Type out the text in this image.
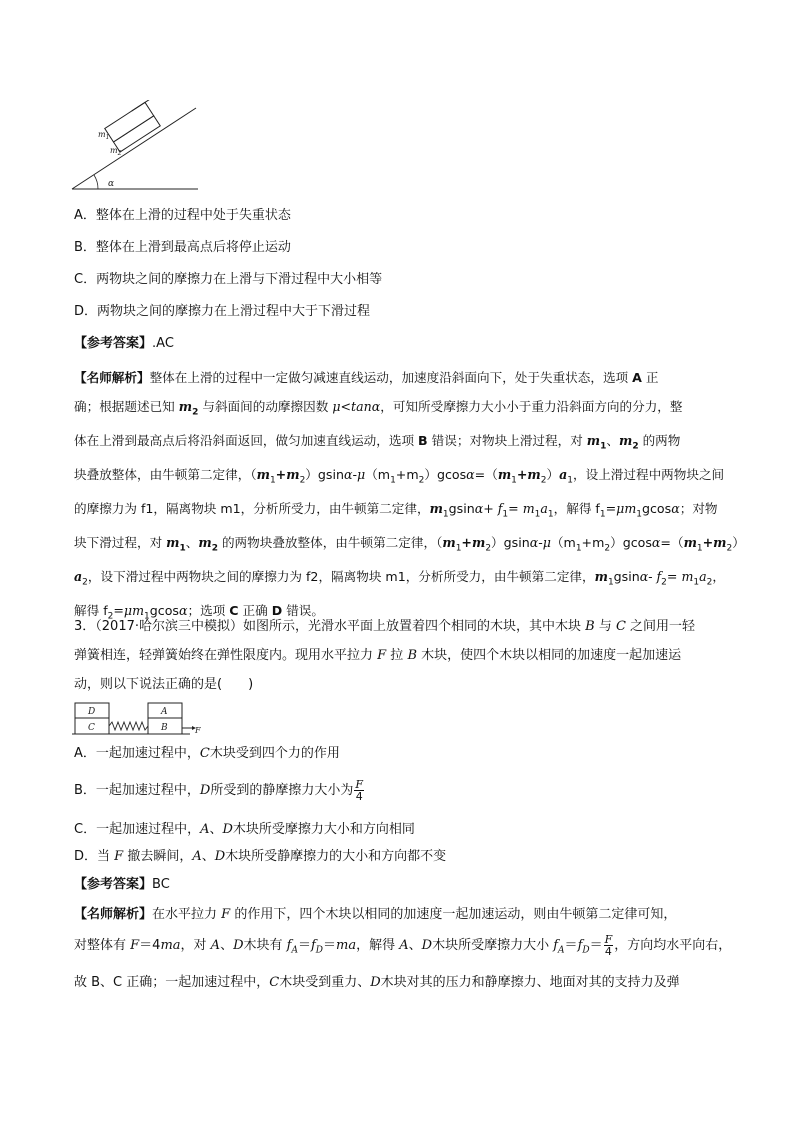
$m_1$
$m_2$
α
A．整体在上滑的过程中处于失重状态
B．整体在上滑到最高点后将停止运动
C．两物块之间的摩擦力在上滑与下滑过程中大小相等
D．两物块之间的摩擦力在上滑过程中大于下滑过程
【参考答案】.AC
【名师解析】整体在上滑的过程中一定做匀减速直线运动，加速度沿斜面向下，处于失重状态，选项 A 正
确；根据题述已知 $m_2$ 与斜面间的动摩擦因数 μ<tanα，可知所受摩擦力大小小于重力沿斜面方向的分力，整
体在上滑到最高点后将沿斜面返回，做匀加速直线运动，选项 B 错误；对物块上滑过程，对 $m_1$、$m_2$ 的两物
块叠放整体，由牛顿第二定律，$(m_1+m_2)gsin\alpha-\mu(m_1+m_2)gcos\alpha=(m_1+m_2)a_1$，设上滑过程中两物块之间
的摩擦力为 f1，隔离物块 m1，分析所受力，由牛顿第二定律，$m_1gsin\alpha+ f_1= m_1a_1$，解得 $f_1=\mu m_1gcos\alpha$；对物
块下滑过程，对 $m_1$、$m_2$ 的两物块叠放整体，由牛顿第二定律，$(m_1+m_2)gsin\alpha-\mu(m_1+m_2)gcos\alpha=(m_1+m_2)$
$a_2$，设下滑过程中两物块之间的摩擦力为 f2，隔离物块 m1，分析所受力，由牛顿第二定律，$m_1gsin\alpha-$ $f_2= m_1a_2$，
解得 $f_2=\mu m_1gcos\alpha$；选项 C 正确 D 错误。
3．（2017·哈尔滨三中模拟）如图所示，光滑水平面上放置着四个相同的木块，其中木块 B 与 C 之间用一轻
弹簧相连，轻弹簧始终在弹性限度内。现用水平拉力 F 拉 B 木块，使四个木块以相同的加速度一起加速运
动，则以下说法正确的是(　　)
D
C
A
B	F
A．一起加速过程中，C木块受到四个力的作用
B．一起加速过程中，D所受到的静摩擦力大小为 $\frac{F}{4}$
C．一起加速过程中，A、D木块所受摩擦力大小和方向相同
D．当 F 撤去瞬间，A、D木块所受静摩擦力的大小和方向都不变
【参考答案】BC
【名师解析】在水平拉力 F 的作用下，四个木块以相同的加速度一起加速运动，则由牛顿第二定律可知，
对整体有 F＝4ma，对 A、D木块有 $f_A=f_D=ma$，解得 A、D木块所受摩擦力大小 $f_A=f_D= \frac{F}{4}$ ，方向均水平向右，
故 B、C 正确；一起加速过程中，C木块受到重力、D木块对其的压力和静摩擦力、地面对其的支持力及弹
